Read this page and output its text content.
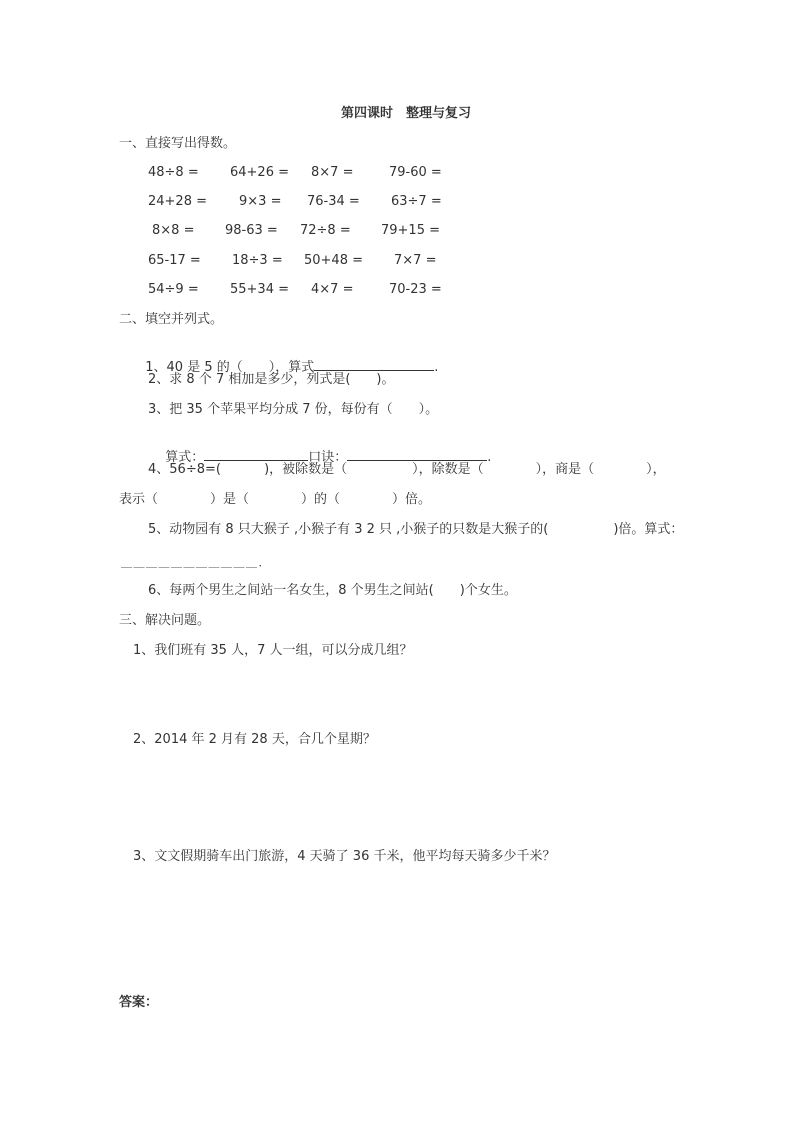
第四课时　整理与复习
一、直接写出得数。
48÷8 = 64+26 = 8×7 =	79-60 =
24+28 = 9×3 = 76-34 = 63÷7 =
8×8 = 98-63 = 72÷8 = 79+15 =
65-17 = 18÷3 = 50+48 = 7×7 =
54÷9 = 55+34 = 4×7 =	70-23 =
二、填空并列式。

1、40 是 5 的（　　），算式	.

2、求 8 个 7 相加是多少，列式是(　　)。
3、把 35 个苹果平均分成 7 份，每份有（　　）。

算式：	口诀：	.

4、56÷8=(　　　 )，被除数是（　　　　　），除数是（　　　　），商是（　　　　），
表示（　　　　）是（　　　　）的（　　　　）倍。
5、动物园有 8 只大猴子 ,小猴子有 3 2 只 ,小猴子的只数是大猴子的(　　　　　)倍。算式：
＿ ＿ ＿ ＿ ＿ ＿ ＿ ＿ ＿ ＿ ＿ ．
6、每两个男生之间站一名女生，8 个男生之间站(　　)个女生。
三、解决问题。
1、我们班有 35 人，7 人一组，可以分成几组？
2、2014 年 2 月有 28 天，合几个星期？
3、文文假期骑车出门旅游，4 天骑了 36 千米，他平均每天骑多少千米？
答案：
